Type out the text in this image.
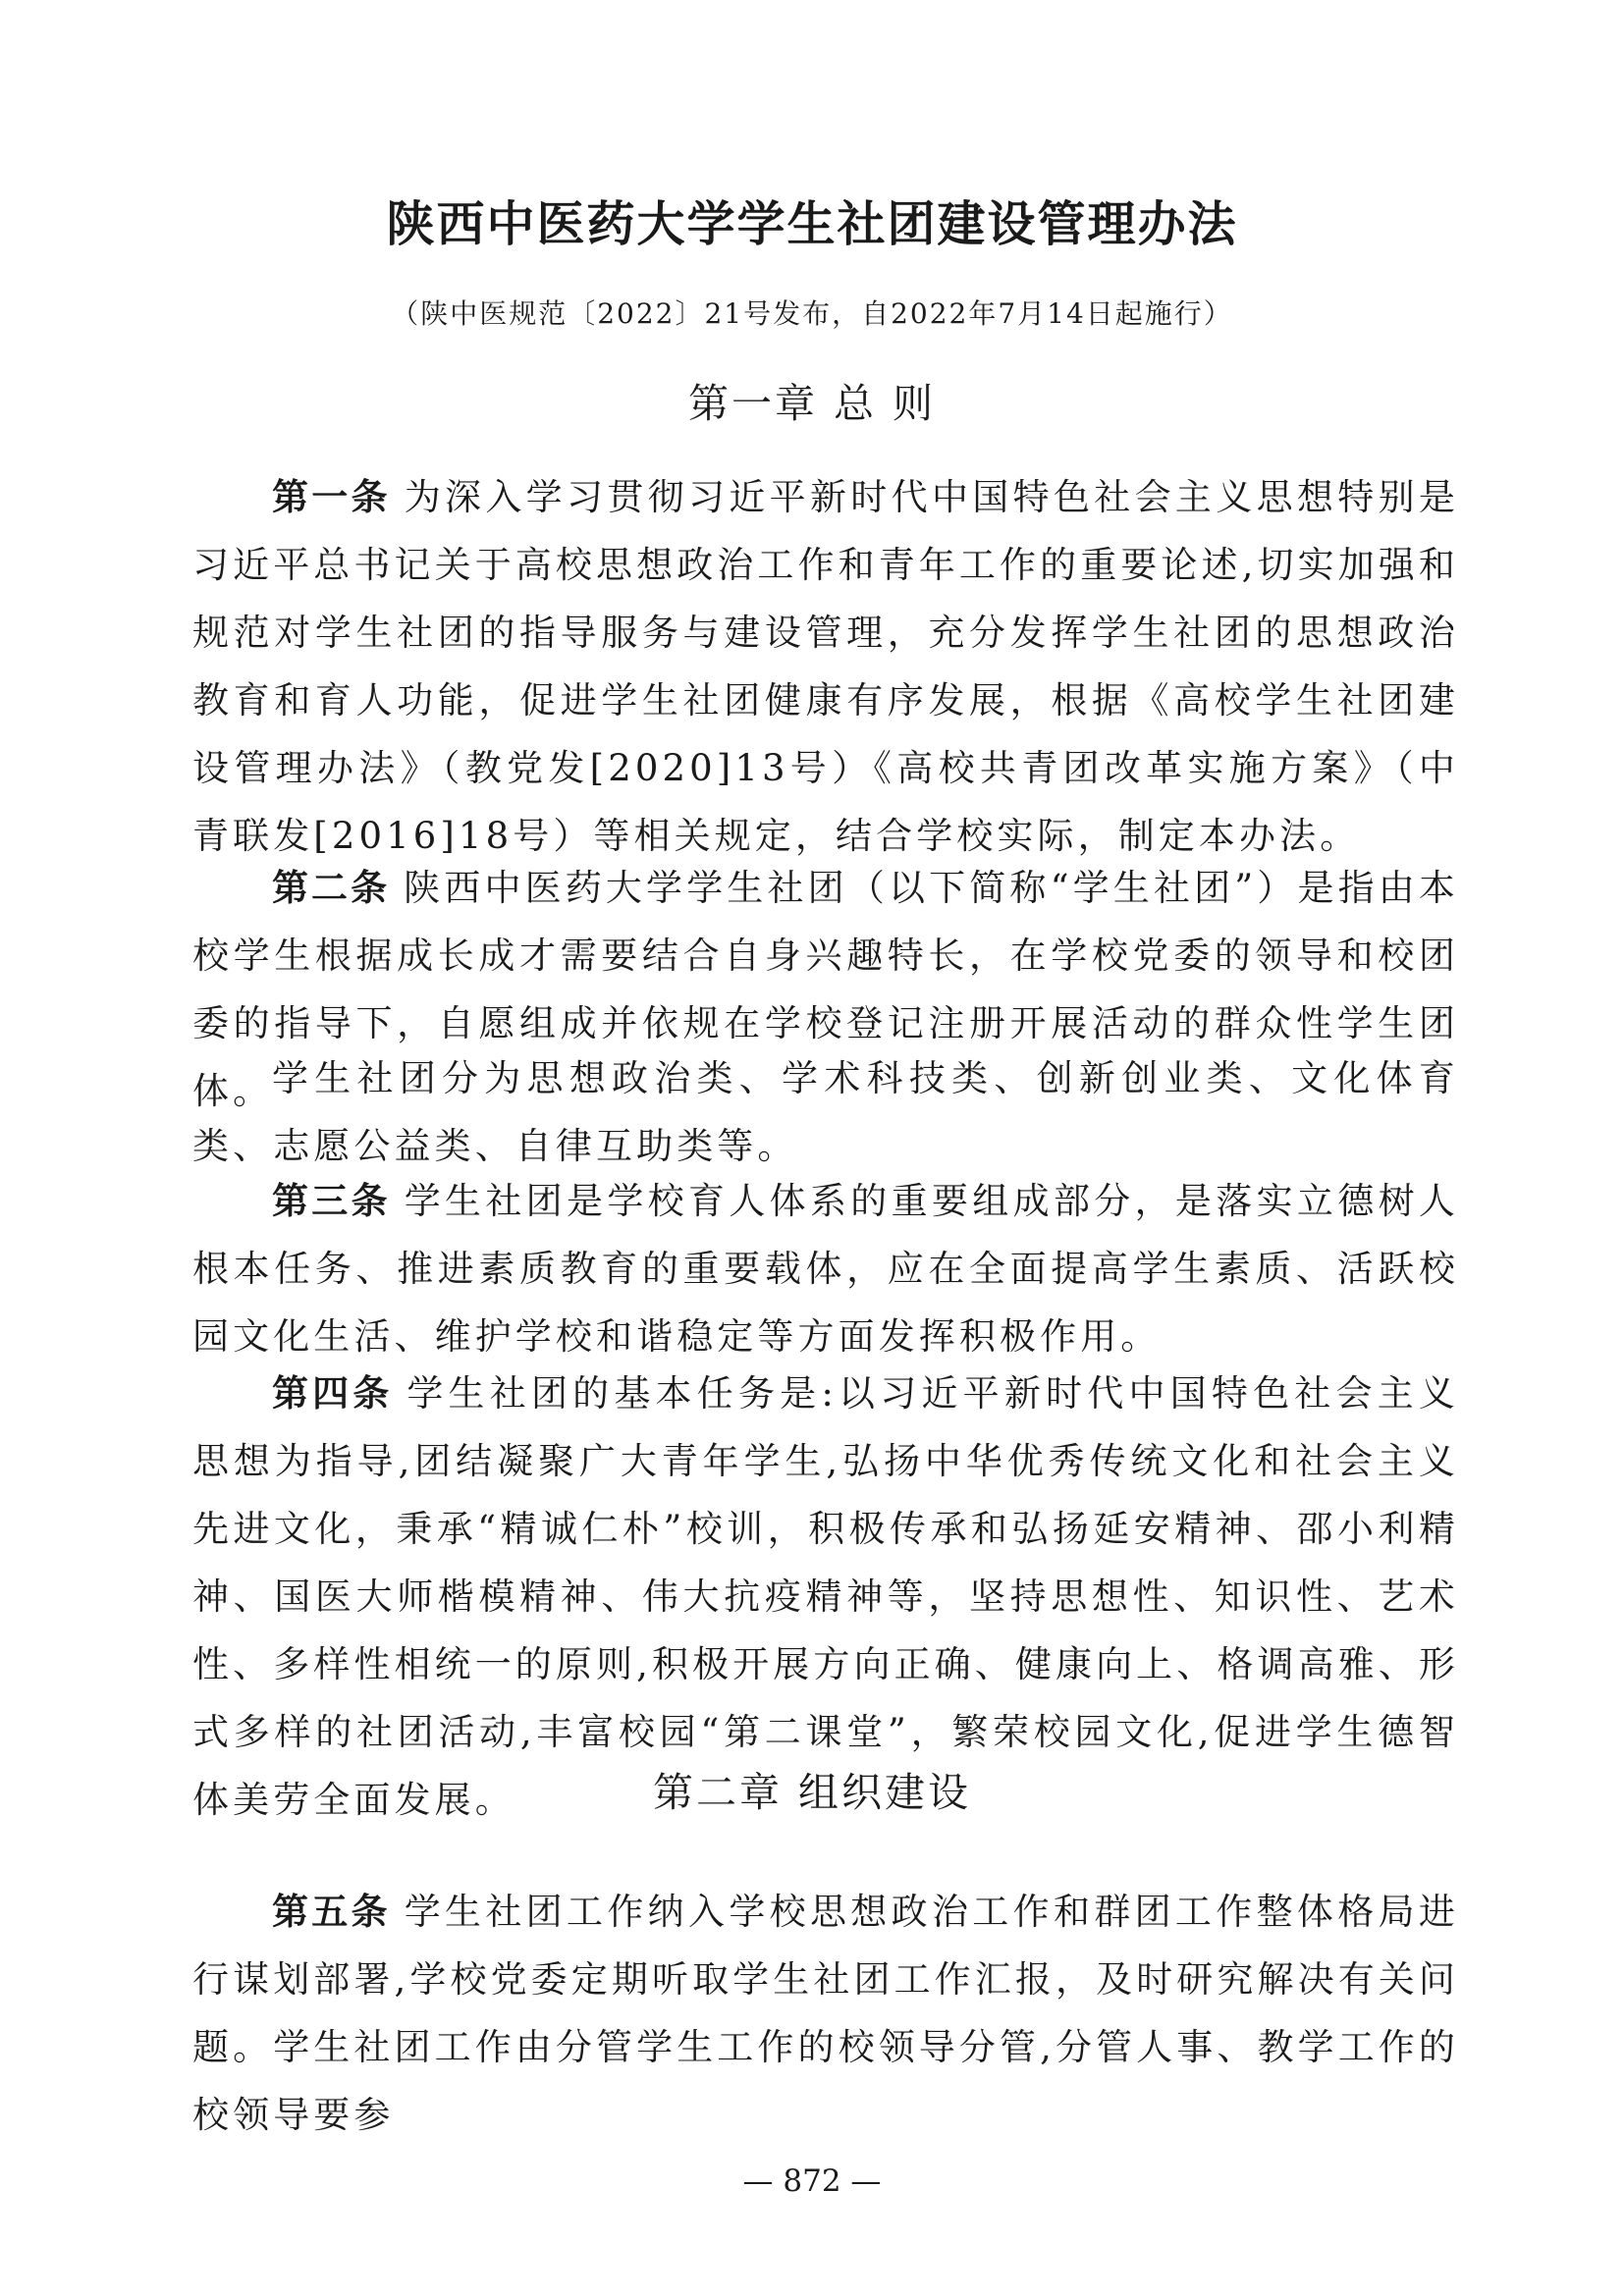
陕西中医药大学学生社团建设管理办法
（陕中医规范〔2022〕21号发布，自2022年7月14日起施行）
第一章 总 则

第一条 为深入学习贯彻习近平新时代中国特色社会主义思想特别是习近平总书记关于高校思想政治工作和青年工作的重要论述,切实加强和规范对学生社团的指导服务与建设管理，充分发挥学生社团的思想政治教育和育人功能，促进学生社团健康有序发展，根据《高校学生社团建设管理办法》（教党发[2020]13号）《高校共青团改革实施方案》（中青联发[2016]18号）等相关规定，结合学校实际，制定本办法。

第二条 陕西中医药大学学生社团（以下简称“学生社团”）是指由本校学生根据成长成才需要结合自身兴趣特长，在学校党委的领导和校团委的指导下，自愿组成并依规在学校登记注册开展活动的群众性学生团体。

学生社团分为思想政治类、学术科技类、创新创业类、文化体育类、志愿公益类、自律互助类等。

第三条 学生社团是学校育人体系的重要组成部分，是落实立德树人根本任务、推进素质教育的重要载体，应在全面提高学生素质、活跃校园文化生活、维护学校和谐稳定等方面发挥积极作用。

第四条 学生社团的基本任务是:以习近平新时代中国特色社会主义思想为指导,团结凝聚广大青年学生,弘扬中华优秀传统文化和社会主义先进文化，秉承“精诚仁朴”校训，积极传承和弘扬延安精神、邵小利精神、国医大师楷模精神、伟大抗疫精神等，坚持思想性、知识性、艺术性、多样性相统一的原则,积极开展方向正确、健康向上、格调高雅、形式多样的社团活动,丰富校园“第二课堂”，繁荣校园文化,促进学生德智体美劳全面发展。	第二章 组织建设

第五条 学生社团工作纳入学校思想政治工作和群团工作整体格局进行谋划部署,学校党委定期听取学生社团工作汇报，及时研究解决有关问题。学生社团工作由分管学生工作的校领导分管,分管人事、教学工作的校领导要参

— 872 —
